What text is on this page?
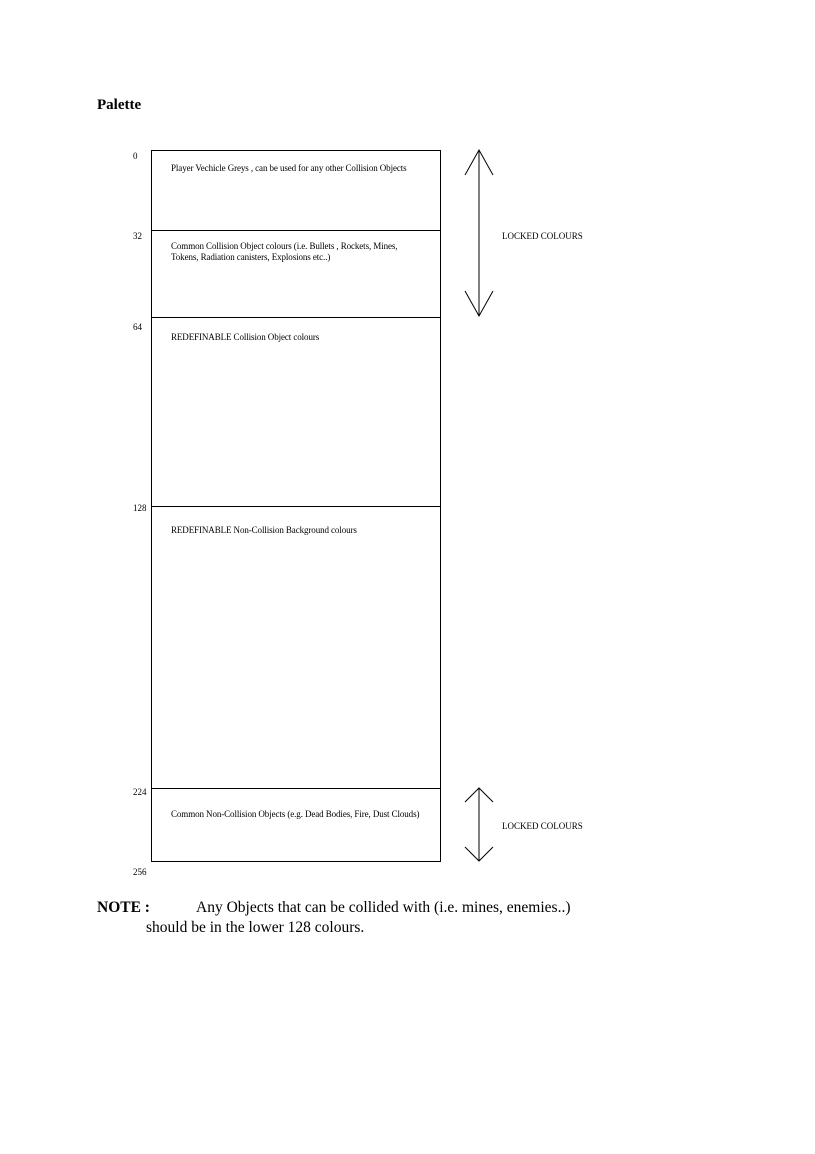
Palette
0
32
64
128
224
256
Player Vechicle Greys , can be used for any other Collision Objects
Common Collision Object colours (i.e. Bullets , Rockets, Mines, Tokens, Radiation canisters, Explosions etc..)
REDEFINABLE Collision Object colours
REDEFINABLE Non-Collision Background colours
Common Non-Collision Objects (e.g. Dead Bodies, Fire, Dust Clouds)
LOCKED COLOURS
LOCKED COLOURS
NOTE :	Any Objects that can be collided with (i.e. mines, enemies..)
should be in the lower 128 colours.
